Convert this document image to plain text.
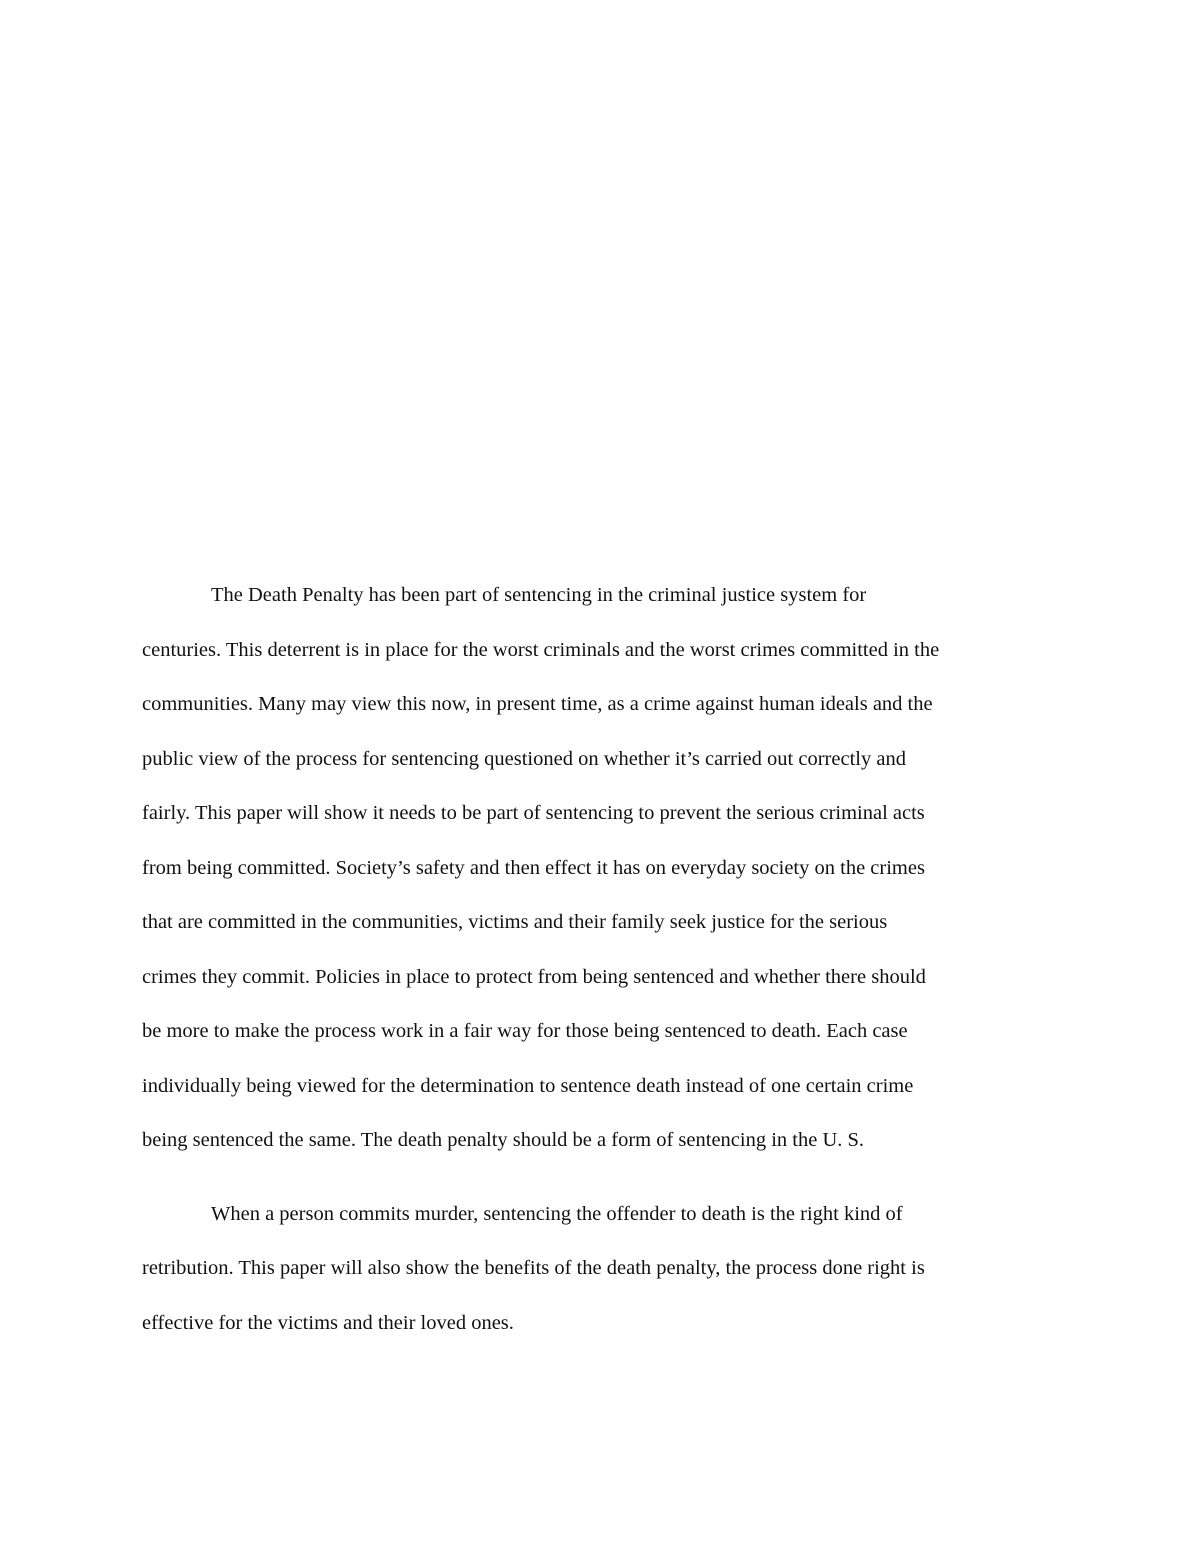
The Death Penalty has been part of sentencing in the criminal justice system for
centuries. This deterrent is in place for the worst criminals and the worst crimes committed in the
communities. Many may view this now, in present time, as a crime against human ideals and the
public view of the process for sentencing questioned on whether it’s carried out correctly and
fairly. This paper will show it needs to be part of sentencing to prevent the serious criminal acts
from being committed. Society’s safety and then effect it has on everyday society on the crimes
that are committed in the communities, victims and their family seek justice for the serious
crimes they commit. Policies in place to protect from being sentenced and whether there should
be more to make the process work in a fair way for those being sentenced to death. Each case
individually being viewed for the determination to sentence death instead of one certain crime
being sentenced the same. The death penalty should be a form of sentencing in the U. S.

When a person commits murder, sentencing the offender to death is the right kind of
retribution. This paper will also show the benefits of the death penalty, the process done right is
effective for the victims and their loved ones.
